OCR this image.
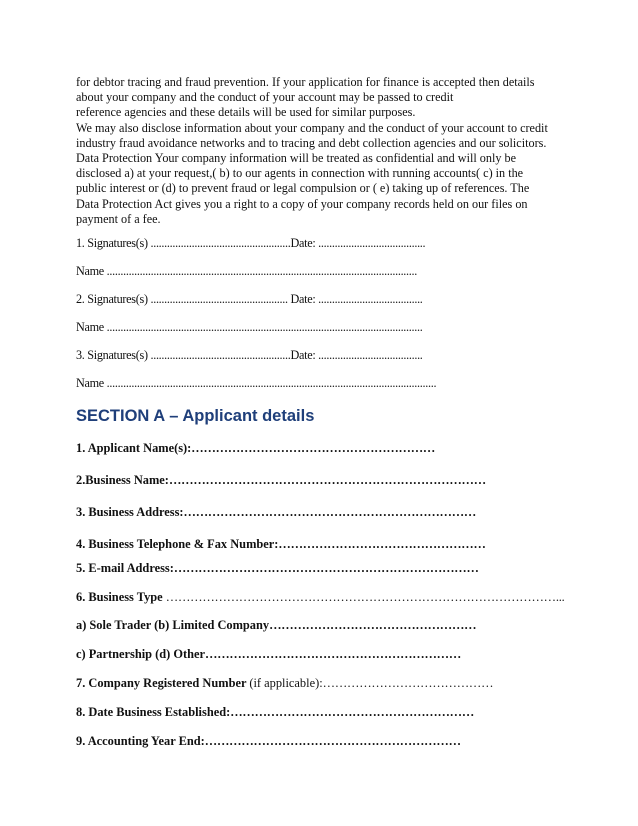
for debtor tracing and fraud prevention. If your application for finance is accepted then details
about your company and the conduct of your account may be passed to credit
reference agencies and these details will be used for similar purposes.
We may also disclose information about your company and the conduct of your account to credit
industry fraud avoidance networks and to tracing and debt collection agencies and our solicitors.
Data Protection Your company information will be treated as confidential and will only be
disclosed a) at your request,( b) to our agents in connection with running accounts( c) in the
public interest or (d) to prevent fraud or legal compulsion or ( e) taking up of references. The
Data Protection Act gives you a right to a copy of your company records held on our files on
payment of a fee.
1. Signatures(s) ...................................................Date: .......................................
Name .................................................................................................................
2. Signatures(s) .................................................. Date: ......................................
Name ...................................................................................................................
3. Signatures(s) ...................................................Date: ......................................
Name ........................................................................................................................
SECTION A – Applicant details
1. Applicant Name(s):……………………………………………………
2.Business Name:……………………………………………………………………
3. Business Address:………………………………………………………………
4. Business Telephone & Fax Number:……………………………………………
5. E-mail Address:…………………………………………………………………
6. Business Type ……………………………………………………………………………………...
a) Sole Trader (b) Limited Company……………………………………………
c) Partnership (d) Other………………………………………………………
7. Company Registered Number (if applicable):……………………………………
8. Date Business Established:……………………………………………………
9. Accounting Year End:………………………………………………………
